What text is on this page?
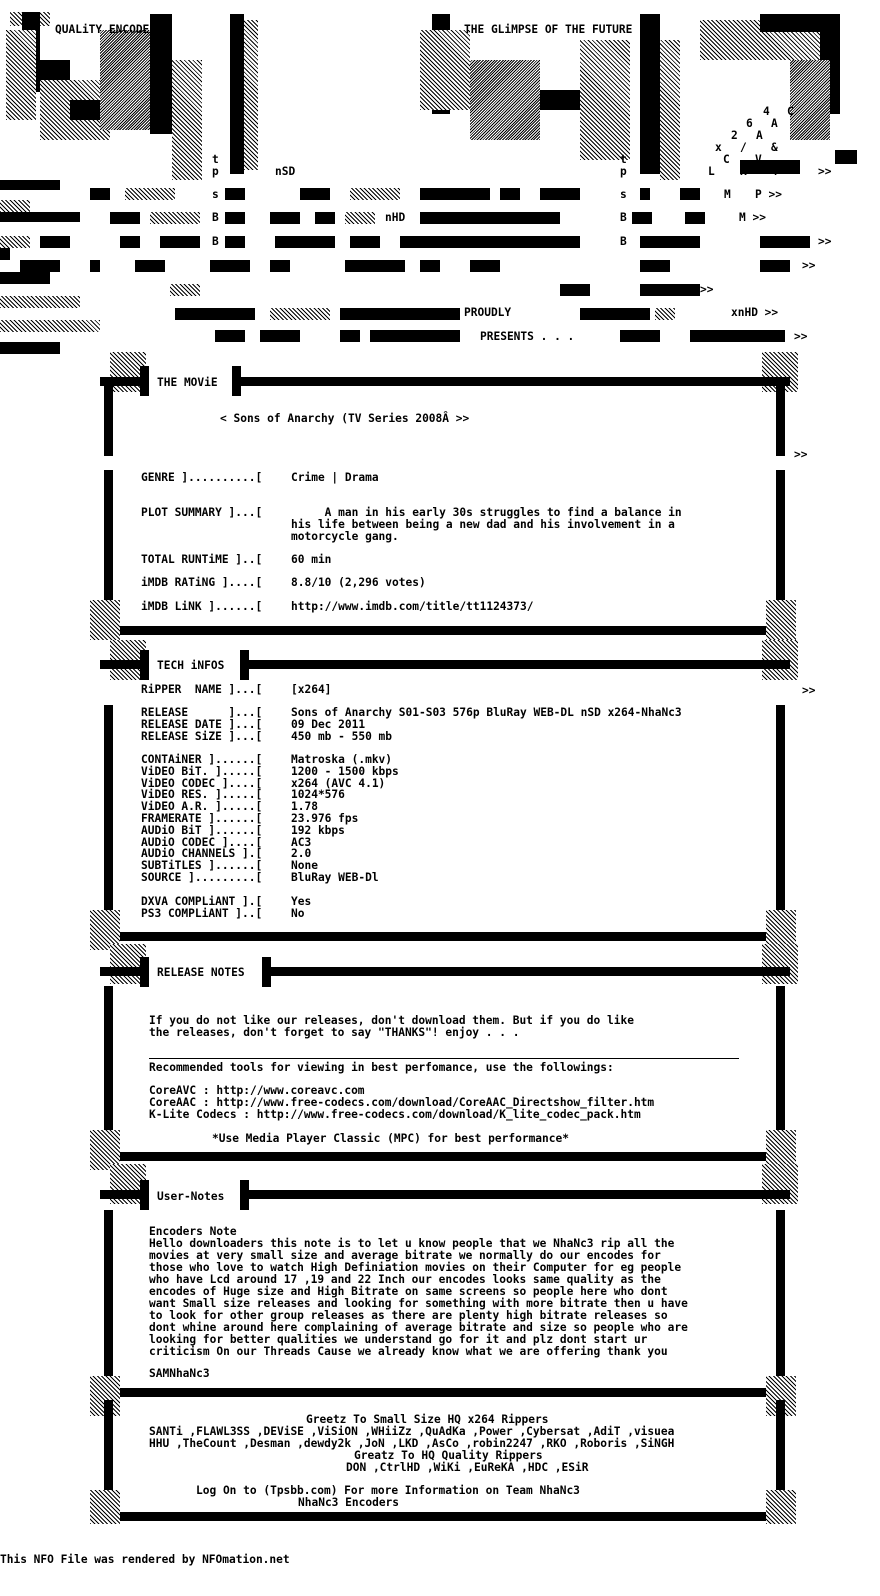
QUALiTY ENCODES !	THE GLiMPSE OF THE FUTURE !
t
p
s
B
B
t
p
s
B
B
nSD
nHD
xnHD >>
PROUDLY
PRESENTS . . .
4 C
6 A
2 A
x / &
C V
L K 4
M P >>
M >>
>>
>>
>>
>>
>>
>>
>>
THE MOViE
< Sons of Anarchy (TV Series 2008Â >>
GENRE ]..........[	Crime | Drama
PLOT SUMMARY ]...[	A man in his early 30s struggles to find a balance in
his life between being a new dad and his involvement in a
motorcycle gang.
TOTAL RUNTiME ]..[	60 min
iMDB RATiNG ]....[	8.8/10 (2,296 votes)
iMDB LiNK ]......[	http://www.imdb.com/title/tt1124373/
TECH iNFOS
RiPPER  NAME ]...[	[x264]
RELEASE      ]...[	Sons of Anarchy S01-S03 576p BluRay WEB-DL nSD x264-NhaNc3
RELEASE DATE ]...[	09 Dec 2011
RELEASE SiZE ]...[	450 mb - 550 mb
CONTAiNER ]......[	Matroska (.mkv)
ViDEO BiT. ].....[	1200 - 1500 kbps
ViDEO CODEC ]....[	x264 (AVC 4.1)
ViDEO RES. ].....[	1024*576
ViDEO A.R. ].....[	1.78
FRAMERATE ]......[	23.976 fps
AUDiO BiT ]......[	192 kbps
AUDiO CODEC ]....[	AC3
AUDiO CHANNELS ].[	2.0
SUBTiTLES ]......[	None
SOURCE ].........[	BluRay WEB-Dl
DXVA COMPLiANT ].[	Yes
PS3 COMPLiANT ]..[	No
RELEASE NOTES
If you do not like our releases, don't download them. But if you do like
the releases, don't forget to say "THANKS"! enjoy . . .
Recommended tools for viewing in best perfomance, use the followings:
CoreAVC : http://www.coreavc.com
CoreAAC : http://www.free-codecs.com/download/CoreAAC_Directshow_filter.htm
K-Lite Codecs : http://www.free-codecs.com/download/K_lite_codec_pack.htm
*Use Media Player Classic (MPC) for best performance*
User-Notes
Encoders Note
Hello downloaders this note is to let u know people that we NhaNc3 rip all the
movies at very small size and average bitrate we normally do our encodes for
those who love to watch High Definiation movies on their Computer for eg people
who have Lcd around 17 ,19 and 22 Inch our encodes looks same quality as the
encodes of Huge size and High Bitrate on same screens so people here who dont
want Small size releases and looking for something with more bitrate then u have
to look for other group releases as there are plenty high bitrate releases so
dont whine around here complaining of average bitrate and size so people who are
looking for better qualities we understand go for it and plz dont start ur
criticism On our Threads Cause we already know what we are offering thank you
SAMNhaNc3
Greetz To Small Size HQ x264 Rippers
SANTi ,FLAWL3SS ,DEViSE ,ViSiON ,WHiiZz ,QuAdKa ,Power ,Cybersat ,AdiT ,visuea
HHU ,TheCount ,Desman ,dewdy2k ,JoN ,LKD ,AsCo ,robin2247 ,RKO ,Roboris ,SiNGH
Greatz To HQ Quality Rippers
DON ,CtrlHD ,WiKi ,EuReKA ,HDC ,ESiR
Log On to (Tpsbb.com) For more Information on Team NhaNc3
NhaNc3 Encoders
This NFO File was rendered by NFOmation.net
